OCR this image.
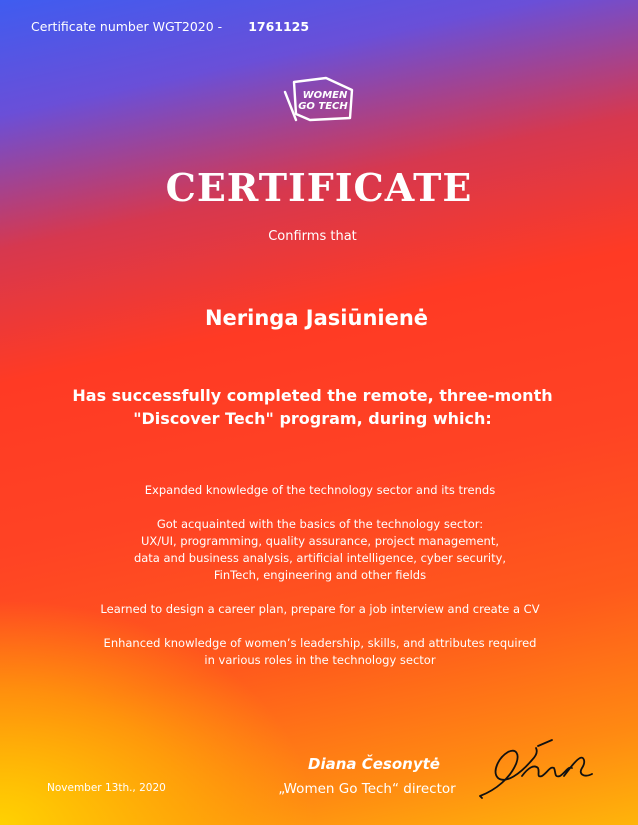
Certificate number WGT2020 - 1761125
WOMEN
GO TECH
CERTIFICATE
Confirms that
Neringa Jasiūnienė
Has successfully completed the remote, three-month "Discover Tech" program, during which:

Expanded knowledge of the technology sector and its trends

Got acquainted with the basics of the technology sector:
UX/UI, programming, quality assurance, project management,
data and business analysis, artificial intelligence, cyber security,
FinTech, engineering and other fields

Learned to design a career plan, prepare for a job interview and create a CV

Enhanced knowledge of women’s leadership, skills, and attributes required
in various roles in the technology sector

November 13th., 2020
Diana Česonytė
„Women Go Tech“ director
